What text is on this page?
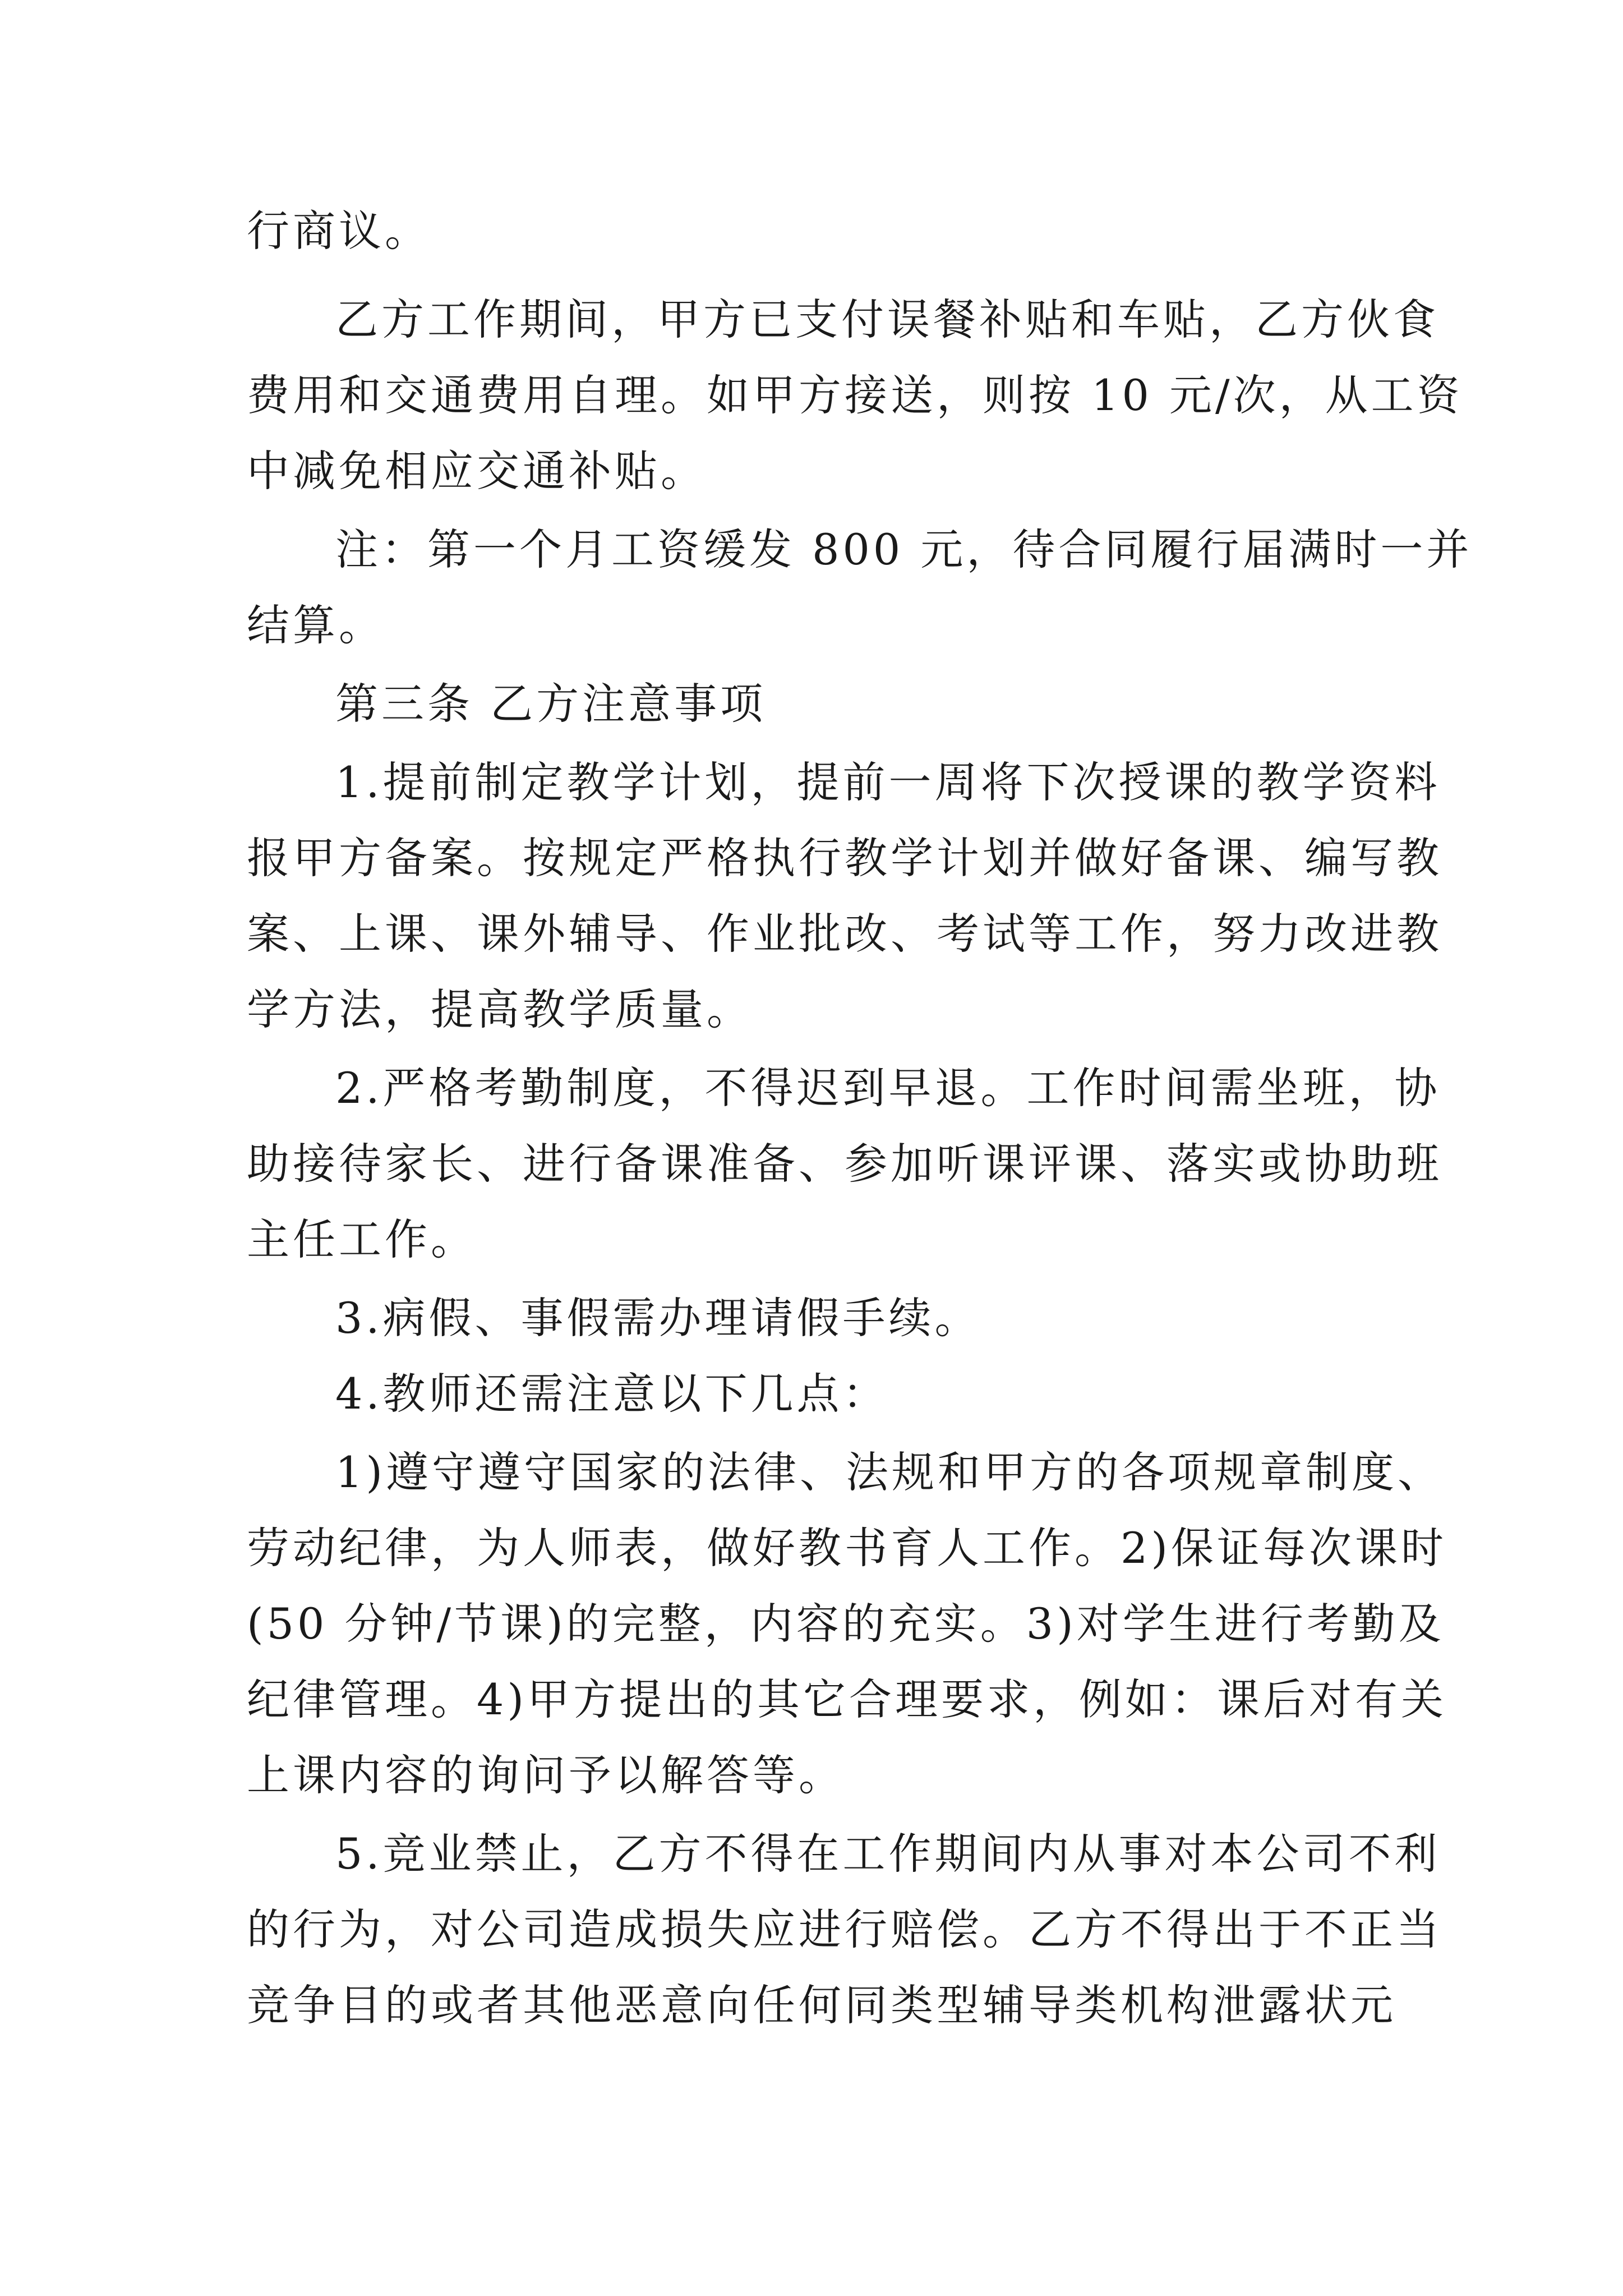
行商议。
乙方工作期间，甲方已支付误餐补贴和车贴，乙方伙食
费用和交通费用自理。如甲方接送，则按 10 元/次，从工资
中减免相应交通补贴。
注：第一个月工资缓发 800 元，待合同履行届满时一并
结算。
第三条 乙方注意事项
1.提前制定教学计划，提前一周将下次授课的教学资料
报甲方备案。按规定严格执行教学计划并做好备课、编写教
案、上课、课外辅导、作业批改、考试等工作，努力改进教
学方法，提高教学质量。
2.严格考勤制度，不得迟到早退。工作时间需坐班，协
助接待家长、进行备课准备、参加听课评课、落实或协助班
主任工作。
3.病假、事假需办理请假手续。
4.教师还需注意以下几点：
1)遵守遵守国家的法律、法规和甲方的各项规章制度、
劳动纪律，为人师表，做好教书育人工作。2)保证每次课时
(50 分钟/节课)的完整，内容的充实。3)对学生进行考勤及
纪律管理。4)甲方提出的其它合理要求，例如：课后对有关
上课内容的询问予以解答等。
5.竞业禁止，乙方不得在工作期间内从事对本公司不利
的行为，对公司造成损失应进行赔偿。乙方不得出于不正当
竞争目的或者其他恶意向任何同类型辅导类机构泄露状元
